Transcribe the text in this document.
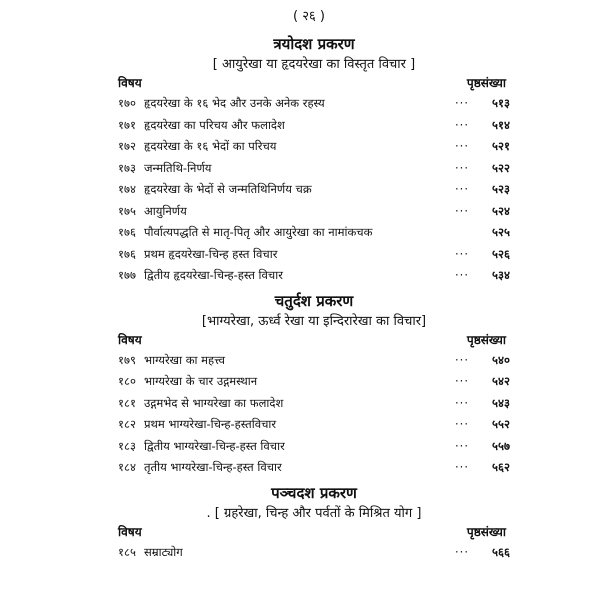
( २६ )
त्रयोदश प्रकरण
[ आयुरेखा या हृदयरेखा का विस्तृत विचार ]
विषय	पृष्ठसंख्या
१७० हृदयरेखा के १६ भेद और उनके अनेक रहस्य	···	५१३
१७१ हृदयरेखा का परिचय और फलादेश	···	५१४
१७२ हृदयरेखा के १६ भेदों का परिचय	···	५२१
१७३ जन्मतिथि-निर्णय	···	५२२
१७४ हृदयरेखा के भेदों से जन्मतिथिनिर्णय चक्र	···	५२३
१७५ आयुनिर्णय	···	५२४
१७६ पौर्वात्यपद्धति से मातृ-पितृ और आयुरेखा का नामांकचक	५२५
१७६ प्रथम हृदयरेखा-चिन्ह हस्त विचार	···	५२६
१७७ द्वितीय हृदयरेखा-चिन्ह-हस्त विचार	···	५३४
चतुर्दश प्रकरण
[भाग्यरेखा, ऊर्ध्व रेखा या इन्दिरारेखा का विचार]
विषय	पृष्ठसंख्या
१७९ भाग्यरेखा का महत्त्व	···	५४०
१८० भाग्यरेखा के चार उद्गमस्थान	···	५४२
१८१ उद्गमभेद से भाग्यरेखा का फलादेश	···	५४३
१८२ प्रथम भाग्यरेखा-चिन्ह-हस्तविचार	···	५५२
१८३ द्वितीय भाग्यरेखा-चिन्ह-हस्त विचार	···	५५७
१८४ तृतीय भाग्यरेखा-चिन्ह-हस्त विचार	···	५६२
पञ्चदश प्रकरण
. [ ग्रहरेखा, चिन्ह और पर्वतों के मिश्रित योग ]
विषय	पृष्ठसंख्या
१८५ सम्राट्योग	···	५६६
